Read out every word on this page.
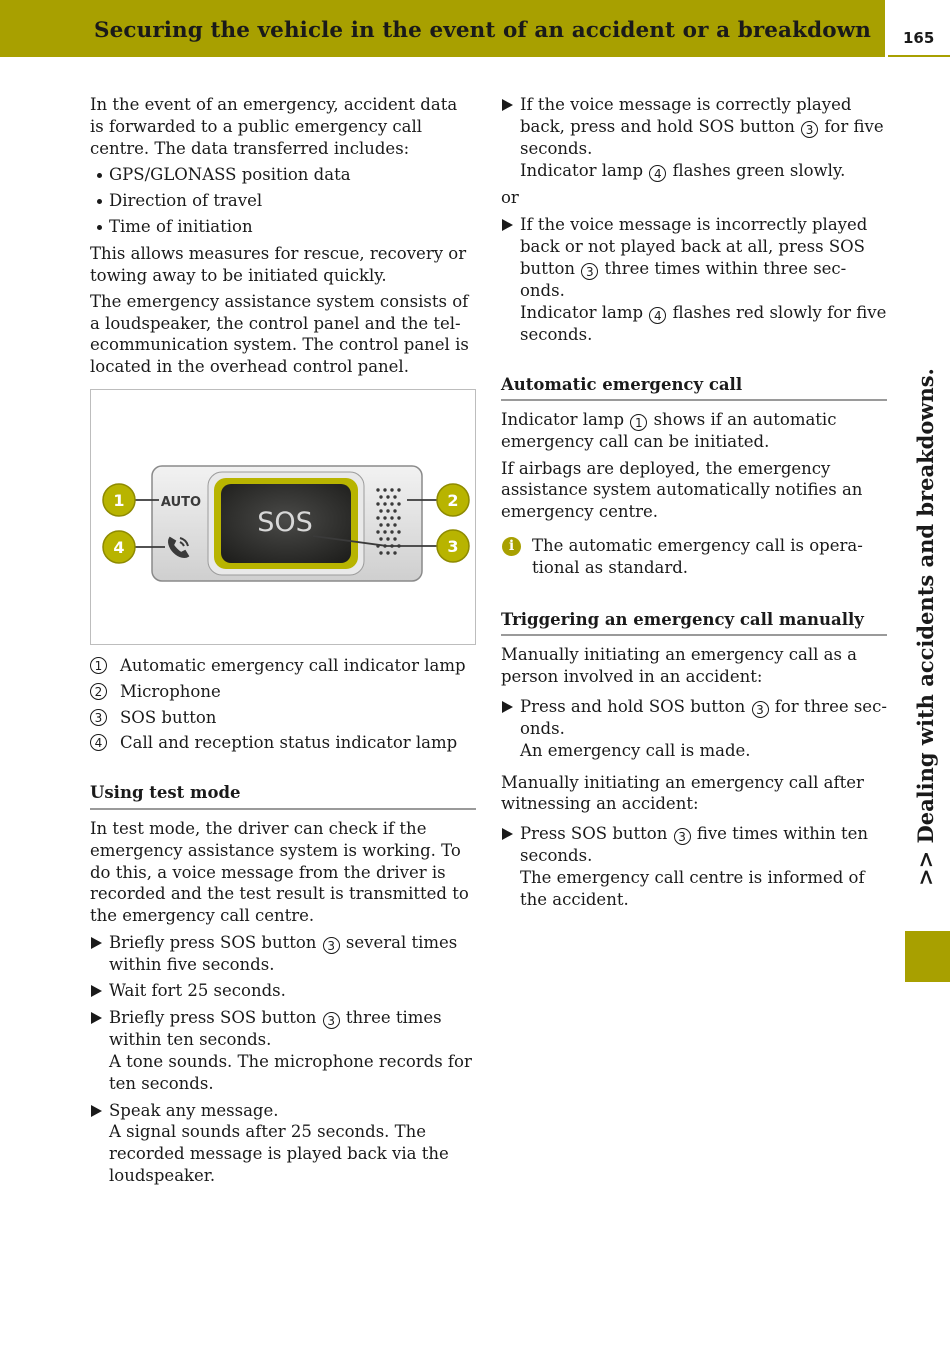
Securing the vehicle in the event of an accident or a breakdown 165
>> Dealing with accidents and breakdowns.

In the event of an emergency, accident data is forwarded to a public emergency call centre. The data transferred includes:

GPS/GLONASS position data
Direction of travel
Time of initiation

This allows measures for rescue, recovery or towing away to be initiated quickly.

The emergency assistance system consists of a loudspeaker, the control panel and the tel-ecommunication system. The control panel is located in the overhead control panel.

SOS
AUTO
1
4
2
3
1 Automatic emergency call indicator lamp
2 Microphone
3 SOS button
4 Call and reception status indicator lamp
Using test mode

In test mode, the driver can check if the emergency assistance system is working. To do this, a voice message from the driver is recorded and the test result is transmitted to the emergency call centre.

Briefly press SOS button 3 several times within five seconds.
Wait fort 25 seconds.
Briefly press SOS button 3 three times within ten seconds.
A tone sounds. The microphone records for ten seconds.
Speak any message.
A signal sounds after 25 seconds. The recorded message is played back via the loudspeaker.
If the voice message is correctly played back, press and hold SOS button 3 for five seconds.
Indicator lamp 4 flashes green slowly.

or

If the voice message is incorrectly played back or not played back at all, press SOS button 3 three times within three sec-onds.
Indicator lamp 4 flashes red slowly for five seconds.
Automatic emergency call

Indicator lamp 1 shows if an automatic emergency call can be initiated.

If airbags are deployed, the emergency assistance system automatically notifies an emergency centre.

i	The automatic emergency call is opera-tional as standard.
Triggering an emergency call manually

Manually initiating an emergency call as a person involved in an accident:

Press and hold SOS button 3 for three sec-onds.
An emergency call is made.

Manually initiating an emergency call after witnessing an accident:

Press SOS button 3 five times within ten seconds.
The emergency call centre is informed of the accident.
